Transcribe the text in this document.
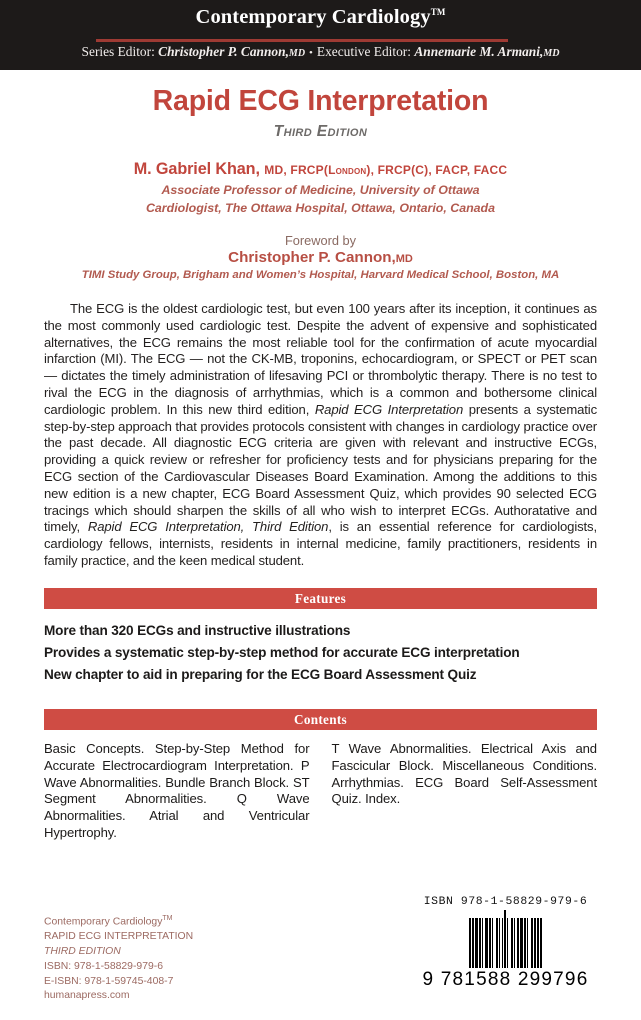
Contemporary Cardiology™
Series Editor: Christopher P. Cannon,MD • Executive Editor: Annemarie M. Armani,MD
Rapid ECG Interpretation
Third Edition
M. Gabriel Khan, MD, FRCP(London), FRCP(C), FACP, FACC
Associate Professor of Medicine, University of Ottawa
Cardiologist, The Ottawa Hospital, Ottawa, Ontario, Canada
Foreword by
Christopher P. Cannon,MD
TIMI Study Group, Brigham and Women’s Hospital, Harvard Medical School, Boston, MA
The ECG is the oldest cardiologic test, but even 100 years after its inception, it continues as the most commonly used cardiologic test. Despite the advent of expensive and sophisticated alternatives, the ECG remains the most reliable tool for the confirmation of acute myocardial infarction (MI). The ECG — not the CK-MB, troponins, echocardiogram, or SPECT or PET scan — dictates the timely administration of lifesaving PCI or thrombolytic therapy. There is no test to rival the ECG in the diagnosis of arrhythmias, which is a common and bothersome clinical cardiologic problem. In this new third edition, Rapid ECG Interpretation presents a systematic step-by-step approach that provides protocols consistent with changes in cardiology practice over the past decade. All diagnostic ECG criteria are given with relevant and instructive ECGs, providing a quick review or refresher for proficiency tests and for physicians preparing for the ECG section of the Cardiovascular Diseases Board Examination. Among the additions to this new edition is a new chapter, ECG Board Assessment Quiz, which provides 90 selected ECG tracings which should sharpen the skills of all who wish to interpret ECGs. Authoratative and timely, Rapid ECG Interpretation, Third Edition, is an essential reference for cardiologists, cardiology fellows, internists, residents in internal medicine, family practitioners, residents in family practice, and the keen medical student.
Features
More than 320 ECGs and instructive illustrations
Provides a systematic step-by-step method for accurate ECG interpretation
New chapter to aid in preparing for the ECG Board Assessment Quiz
Contents
Basic Concepts. Step-by-Step Method for Accurate Electrocardiogram Interpretation. P Wave Abnormalities. Bundle Branch Block. ST Segment Abnormalities. Q Wave Abnormalities. Atrial and Ventricular Hypertrophy.
T Wave Abnormalities. Electrical Axis and Fascicular Block. Miscellaneous Conditions. Arrhythmias. ECG Board Self-Assessment Quiz. Index.
Contemporary Cardiology™
RAPID ECG INTERPRETATION
THIRD EDITION
ISBN: 978-1-58829-979-6
E-ISBN: 978-1-59745-408-7
humanapress.com
ISBN 978-1-58829-979-6
9 781588 299796
